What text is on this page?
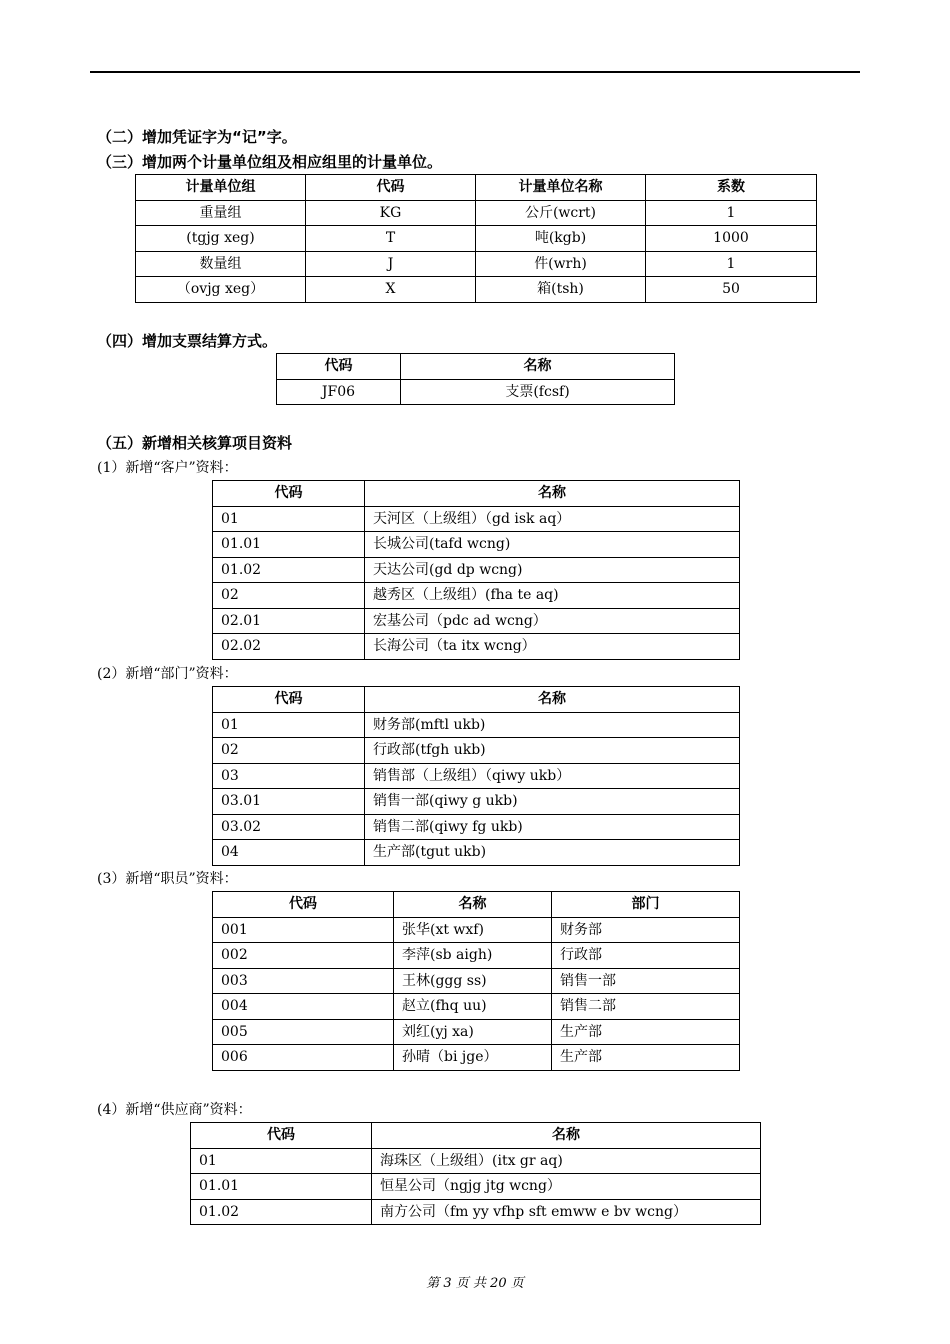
（二）增加凭证字为“记”字。
（三）增加两个计量单位组及相应组里的计量单位。
计量单位组	代码	计量单位名称	系数
重量组	KG	公斤(wcrt)	1
(tgjg xeg)	T	吨(kgb)	1000
数量组	J	件(wrh)	1
（ovjg xeg）	X	箱(tsh)	50
（四）增加支票结算方式。
代码	名称
JF06	支票(fcsf)
（五）新增相关核算项目资料
(1）新增“客户”资料：
代码	名称
01	天河区（上级组）（gd isk aq）
01.01	长城公司(tafd wcng)
01.02	天达公司(gd dp wcng)
02	越秀区（上级组）(fha te aq)
02.01	宏基公司（pdc ad wcng）
02.02	长海公司（ta itx wcng）
(2）新增“部门”资料：
代码	名称
01	财务部(mftl ukb)
02	行政部(tfgh ukb)
03	销售部（上级组）（qiwy ukb）
03.01	销售一部(qiwy g ukb)
03.02	销售二部(qiwy fg ukb)
04	生产部(tgut ukb)
(3）新增“职员”资料：
代码	名称	部门
001	张华(xt wxf)	财务部
002	李萍(sb aigh)	行政部
003	王林(ggg ss)	销售一部
004	赵立(fhq uu)	销售二部
005	刘红(yj xa)	生产部
006	孙晴（bi jge）	生产部
(4）新增“供应商”资料：
代码	名称
01	海珠区（上级组）(itx gr aq)
01.01	恒星公司（ngjg jtg wcng）
01.02	南方公司（fm yy vfhp sft emww e bv wcng）
第 3 页 共 20 页
